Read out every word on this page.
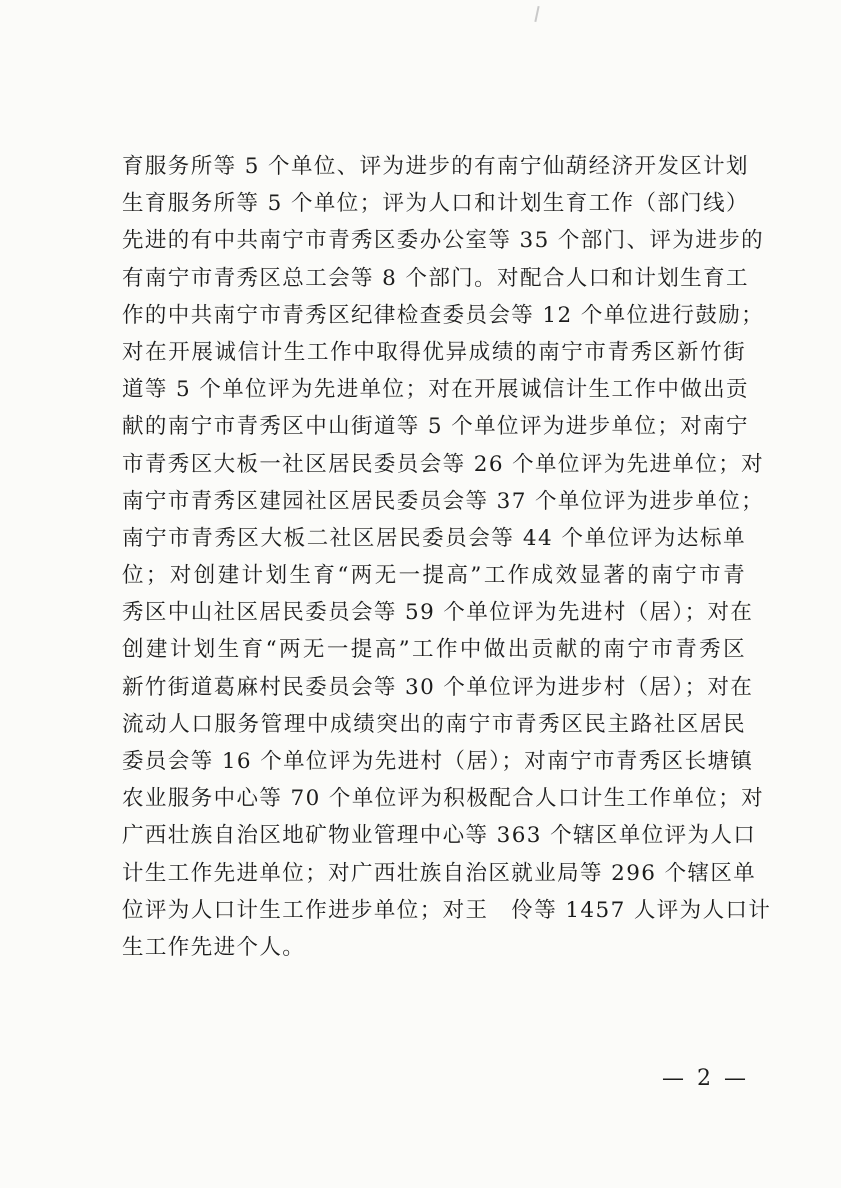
育服务所等 5 个单位、评为进步的有南宁仙葫经济开发区计划
生育服务所等 5 个单位；评为人口和计划生育工作（部门线）
先进的有中共南宁市青秀区委办公室等 35 个部门、评为进步的
有南宁市青秀区总工会等 8 个部门。对配合人口和计划生育工
作的中共南宁市青秀区纪律检查委员会等 12 个单位进行鼓励；
对在开展诚信计生工作中取得优异成绩的南宁市青秀区新竹街
道等 5 个单位评为先进单位；对在开展诚信计生工作中做出贡
献的南宁市青秀区中山街道等 5 个单位评为进步单位；对南宁
市青秀区大板一社区居民委员会等 26 个单位评为先进单位；对
南宁市青秀区建园社区居民委员会等 37 个单位评为进步单位；
南宁市青秀区大板二社区居民委员会等 44 个单位评为达标单
位；对创建计划生育“两无一提高”工作成效显著的南宁市青
秀区中山社区居民委员会等 59 个单位评为先进村（居）；对在
创建计划生育“两无一提高”工作中做出贡献的南宁市青秀区
新竹街道葛麻村民委员会等 30 个单位评为进步村（居）；对在
流动人口服务管理中成绩突出的南宁市青秀区民主路社区居民
委员会等 16 个单位评为先进村（居）；对南宁市青秀区长塘镇
农业服务中心等 70 个单位评为积极配合人口计生工作单位；对
广西壮族自治区地矿物业管理中心等 363 个辖区单位评为人口
计生工作先进单位；对广西壮族自治区就业局等 296 个辖区单
位评为人口计生工作进步单位；对王　伶等 1457 人评为人口计
生工作先进个人。
— 2 —
